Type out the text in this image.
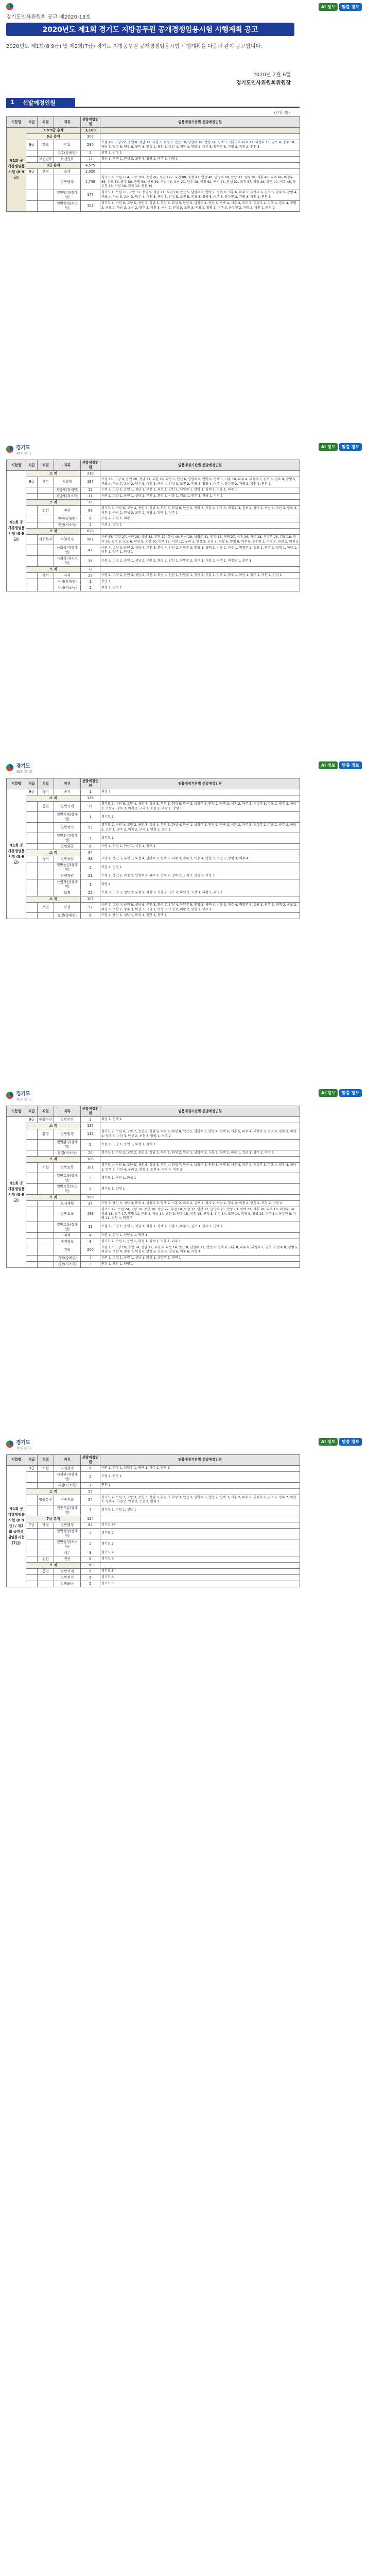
AI 정보	맞춤 정보
경기도인사위원회 공고 제2020-13호
2020년도 제1회 경기도 지방공무원 공개경쟁임용시험 시행계획 공고
2020년도 제1회(8·9급) 및 제2회(7급) 경기도 지방공무원 공개경쟁임용시험 시행계획을 다음과 같이 공고합니다.
2020년 2월 6일
경기도인사위원회위원장
1	선발예정인원
(단위: 명)
시험명	직급	직렬	직류	선발예정인원	임용예정기관별 선발예정인원
제1회 공개경쟁임용시험 (8·9급)	7·8·9급 총계			3,169	
	8급 총계			307	
	8급	간호	간호	290	수원 46, 고양 22, 용인 8, 성남 12, 부천 3, 화성 7, 안산 10, 남양주 18, 안양 14, 평택 5, 시흥 12, 파주 12, 의정부 13, 김포 4, 광주 10, 하남 7, 광명 6, 양주 8, 구리 8, 안성 4, 포천 8, 오산 4, 의왕 4, 양평 4, 여주 5, 동두천 8, 가평 3, 과천 2, 연천 3
			간호(장애인)	2	광명 1, 안성 1
		보건진료	보건진료	17	화성 3, 평택 2, 안성 3, 포천 4, 양평 2, 여주 1, 가평 1
	9급 총계			4,575	
	9급	행정	소계	2,020	
			일반행정	1,748	경기도 6, 수원 114, 고양 109, 용인 86, 성남 127, 부천 88, 화성 97, 안산 48, 남양주 98, 안양 33, 평택 78, 시흥 46, 파주 46, 의정부 56, 김포 63, 광주 50, 광명 58, 군포 39, 하남 46, 오산 21, 양주 48, 이천 62, 구리 25, 안성 32, 포천 37, 의왕 28, 양평 40, 여주 46, 동두천 16, 가평 30, 과천 13, 연천 19
			일반행정(장애인)	177	경기도 1, 수원 11, 고양 11, 용인 9, 성남 11, 부천 10, 안산 5, 남양주 8, 안양 7, 평택 8, 시흥 6, 파주 5, 의정부 6, 김포 6, 광주 5, 광명 4, 군포 4, 하남 5, 오산 3, 양주 4, 이천 5, 구리 3, 안성 5, 포천 5, 의왕 3, 양평 5, 여주 5, 동두천 3, 가평 3, 과천 2, 연천 3
			일반행정(저소득)	103	경기도 1, 수원 6, 고양 5, 용인 5, 성남 5, 부천 6, 화성 5, 안산 5, 남양주 4, 안양 3, 평택 4, 시흥 3, 파주 3, 의정부 4, 김포 4, 광주 4, 광명 3, 군포 2, 하남 3, 오산 2, 양주 3, 이천 3, 구리 2, 안성 3, 포천 3, 의왕 2, 양평 3, 여주 3, 동두천 2, 가평 2, 과천 1, 연천 2
경기도
제1회 경기도
AI 정보	맞춤 정보
시험명	직급	직렬	직류	선발예정인원	임용예정기관별 선발예정인원
제1회 공개경쟁임용시험 (8·9급)	소 계			210	
	9급	세무	지방세	187	수원 16, 고양 8, 용인 20, 성남 21, 부천 18, 화성 5, 안산 6, 남양주 8, 안양 6, 평택 5, 시흥 10, 파주 4, 의정부 5, 김포 6, 광주 9, 광명 5, 군포 4, 하남 7, 오산 2, 양주 6, 이천 3, 구리 4, 안성 3, 포천 2, 의왕 3, 양평 4, 여주 4, 동두천 2, 가평 2, 과천 1, 연천 1
			지방세(장애인)	12	수원 1, 고양 1, 용인 1, 성남 1, 부천 1, 화성 1, 안산 1, 남양주 1, 안양 1, 평택 1, 시흥 1, 파주 1
			지방세(저소득)	11	수원 1, 고양 1, 용인 1, 성남 1, 부천 1, 화성 1, 시흥 1, 김포 1, 광주 1, 하남 1, 이천 1
	소 계			75	
		전산	전산	69	경기도 3, 수원 6, 고양 4, 용인 3, 성남 3, 부천 3, 화성 6, 안산 2, 안양 3, 시흥 3, 파주 3, 의정부 3, 김포 2, 광주 2, 하남 4, 오산 3, 양주 3, 이천 3, 구리 2, 안성 3, 포천 2, 의왕 1, 양평 1, 여주 1
			전산(장애인)	4	수원 2, 이천 1, 의왕 1
			전산(저소득)	2	수원 1, 양평 1
	소 계			628	
		사회복지	사회복지	567	수원 56, 고양 27, 용인 25, 성남 32, 부천 32, 화성 40, 안산 28, 남양주 41, 안양 16, 평택 27, 시흥 26, 파주 18, 의정부 26, 김포 18, 광주 19, 광명 8, 군포 6, 하남 8, 오산 10, 양주 12, 이천 12, 구리 3, 안성 9, 포천 7, 의왕 6, 양평 8, 여주 8, 동두천 2, 가평 2, 과천 2, 연천 2
			사회복지(장애인)	42	수원 4, 고양 3, 용인 3, 성남 4, 부천 3, 화성 4, 안산 2, 남양주 3, 안양 1, 평택 2, 시흥 2, 파주 1, 의정부 2, 김포 1, 광주 2, 광명 1, 하남 1, 이천 1, 양주 1, 안성 1
			사회복지(저소득)	19	수원 2, 고양 2, 용인 1, 성남 2, 부천 2, 화성 2, 안산 1, 남양주 2, 평택 1, 시흥 1, 파주 1, 의정부 1, 광주 1
	소 계			32	
		사서	사서	29	수원 2, 고양 2, 용인 3, 성남 2, 부천 3, 화성 4, 안산 1, 남양주 1, 평택 2, 시흥 1, 김포 2, 광주 1, 하남 1, 양주 2, 이천 1, 안성 1
			사서(장애인)	1	용인 1
			사서(저소득)	2	화성 1, 김포 1
경기도
제1회 경기도
AI 정보	맞춤 정보
시험명	직급	직렬	직류	선발예정인원	임용예정기관별 선발예정인원
제1회 공개경쟁임용시험 (8·9급)	9급	속기	속기	1	화성 1
	소 계			136	
		공업	일반기계	75	경기도 3, 수원 6, 고양 4, 용인 7, 성남 5, 부천 5, 화성 5, 안산 3, 남양주 4, 안양 2, 평택 3, 시흥 2, 파주 3, 의정부 3, 김포 2, 광주 3, 하남 2, 오산 2, 양주 3, 이천 2, 구리 1, 포천 2, 의왕 1, 양평 1
			일반기계(장애인)	1	경기도 1
			일반전기	53	경기도 2, 수원 4, 고양 3, 용인 3, 성남 4, 부천 3, 화성 4, 안산 1, 남양주 3, 안양 2, 평택 3, 시흥 2, 파주 3, 의정부 2, 김포 2, 광주 2, 하남 2, 오산 1, 양주 2, 이천 2, 구리 1, 안성 2, 포천 1
			일반전기(장애인)	1	경기도 1
			일반화공	6	수원 1, 화성 2, 안산 1, 시흥 1, 평택 1
	소 계			84	
		녹지	일반농업	38	고양 2, 용인 3, 부천 1, 화성 4, 남양주 3, 평택 3, 파주 3, 광주 2, 이천 4, 안성 3, 포천 3, 양평 3, 여주 4
			일반농업(장애인)	2	이천 1, 안성 1
			산림자원	21	수원 2, 용인 2, 화성 2, 남양주 2, 파주 2, 광주 2, 양주 2, 포천 2, 양평 2, 가평 3
			산림자원(장애인)	1	양평 1
			조경	22	수원 3, 고양 3, 성남 2, 부천 2, 화성 3, 시흥 2, 김포 2, 하남 2, 오산 1, 의왕 1, 과천 1
	소 계			103	
		보건	보건	97	수원 7, 고양 4, 용인 5, 성남 6, 부천 5, 화성 7, 안산 4, 남양주 5, 안양 3, 평택 4, 시흥 3, 파주 4, 의정부 4, 김포 3, 광주 3, 광명 2, 군포 2, 하남 3, 오산 2, 양주 3, 이천 3, 구리 2, 안성 3, 포천 2, 의왕 2, 양평 2, 여주 2
			보건(장애인)	6	수원 1, 용인 1, 성남 1, 화성 1, 안산 1, 평택 1
경기도
제1회 경기도
AI 정보	맞춤 정보
시험명	직급	직렬	직류	선발예정인원	임용예정기관별 선발예정인원
제1회 공개경쟁임용시험 (8·9급)	9급	해양수산	일반수산	2	화성 1, 평택 1
	소 계			137	
		환경	일반환경	112	경기도 2, 수원 9, 고양 7, 용인 8, 성남 6, 부천 6, 화성 8, 안산 5, 남양주 6, 안양 4, 평택 6, 시흥 5, 파주 4, 의정부 3, 김포 4, 광주 3, 하남 2, 양주 3, 이천 3, 안성 2, 포천 3, 양평 2, 여주 2
			일반환경(장애인)	5	수원 1, 고양 1, 용인 1, 화성 1, 평택 1
			환경(저소득)	20	경기도 1, 수원 2, 고양 2, 용인 2, 성남 1, 부천 1, 화성 2, 안산 1, 남양주 2, 시흥 1, 평택 1, 파주 1, 김포 1, 광주 1, 이천 1
	소 계			106	
		시설	일반토목	101	경기도 4, 수원 6, 고양 5, 용인 6, 성남 5, 부천 4, 화성 7, 안산 4, 남양주 6, 안양 3, 평택 5, 시흥 4, 파주 4, 의정부 3, 김포 4, 광주 4, 하남 3, 양주 3, 이천 4, 구리 2, 안성 3, 포천 4, 양평 4, 여주 3
			일반토목(장애인)	3	경기도 1, 수원 1, 화성 1
			일반토목(저소득)	2	경기도 1, 양평 1
	소 계			998	
			도시계획	37	수원 3, 용인 3, 성남 3, 화성 4, 남양주 3, 평택 2, 시흥 2, 파주 2, 김포 3, 광주 2, 하남 2, 양주 2, 이천 2, 안성 2, 포천 2, 양평 2
			일반토목	489	경기도 12, 수원 24, 고양 19, 용인 28, 성남 22, 부천 18, 화성 32, 안산 17, 남양주 25, 안양 13, 평택 22, 시흥 18, 파주 18, 의정부 14, 김포 18, 광주 17, 광명 11, 군포 8, 하남 14, 오산 9, 양주 15, 이천 15, 구리 8, 안성 14, 포천 14, 의왕 9, 양평 15, 여주 14, 동두천 6, 가평 11, 과천 4, 연천 7
			일반토목(장애인)	11	수원 1, 고양 1, 용인 1, 성남 1, 화성 1, 평택 1, 시흥 1, 파주 1, 김포 1, 광주 1, 양주 1
			지적	4	수원 1, 화성 1, 남양주 1, 평택 1
			측지정보	8	경기도 2, 수원 1, 용인 1, 화성 1, 평택 1, 시흥 1, 파주 1
			건축	200	수원 13, 고양 10, 용인 14, 성남 11, 부천 9, 화성 14, 안산 8, 남양주 11, 안양 6, 평택 9, 시흥 8, 파주 8, 의정부 7, 김포 8, 광주 8, 광명 5, 하남 6, 오산 4, 양주 7, 이천 6, 안성 6, 포천 6, 양평 6, 여주 6, 가평 4
			건축(장애인)	7	수원 1, 고양 1, 용인 1, 성남 1, 화성 1, 남양주 1, 평택 1
			건축(저소득)	3	안성 1, 포천 1, 양평 1
경기도
제1회 경기도
AI 정보	맞춤 정보
시험명	직급	직렬	직류	선발예정인원	임용예정기관별 선발예정인원
제1회 공개경쟁임용시험 (8·9급) / 제2회 공개경쟁임용시험 (7급)	9급	시설	시설관리	6	수원 1, 화성 1, 남양주 1, 평택 1, 파주 1, 양평 1
			시설관리(장애인)	2	수원 1, 화성 1
			시설(저소득)	1	연천 1
	소 계			57	
		방송통신	전송기술	54	경기도 2, 수원 3, 고양 3, 용인 3, 성남 3, 부천 3, 화성 3, 안산 2, 남양주 3, 안양 2, 평택 3, 시흥 2, 파주 2, 의정부 2, 김포 2, 광주 2, 하남 2, 양주 2, 이천 2, 안성 2, 포천 2, 양평 2
			전송기술(장애인)	3	경기도 1, 수원 1, 성남 1
	7급 총계			124	
	7급	행정	일반행정	84	경기도 84
			일반행정(장애인)	7	경기도 7
			일반행정(저소득)	2	경기도 2
			세무	9	경기도 9
		전산	전산	6	경기도 6
	소 계			16	
		공업	일반기계	5	경기도 5
			일반전기	6	경기도 6
			일반화공	5	경기도 5
